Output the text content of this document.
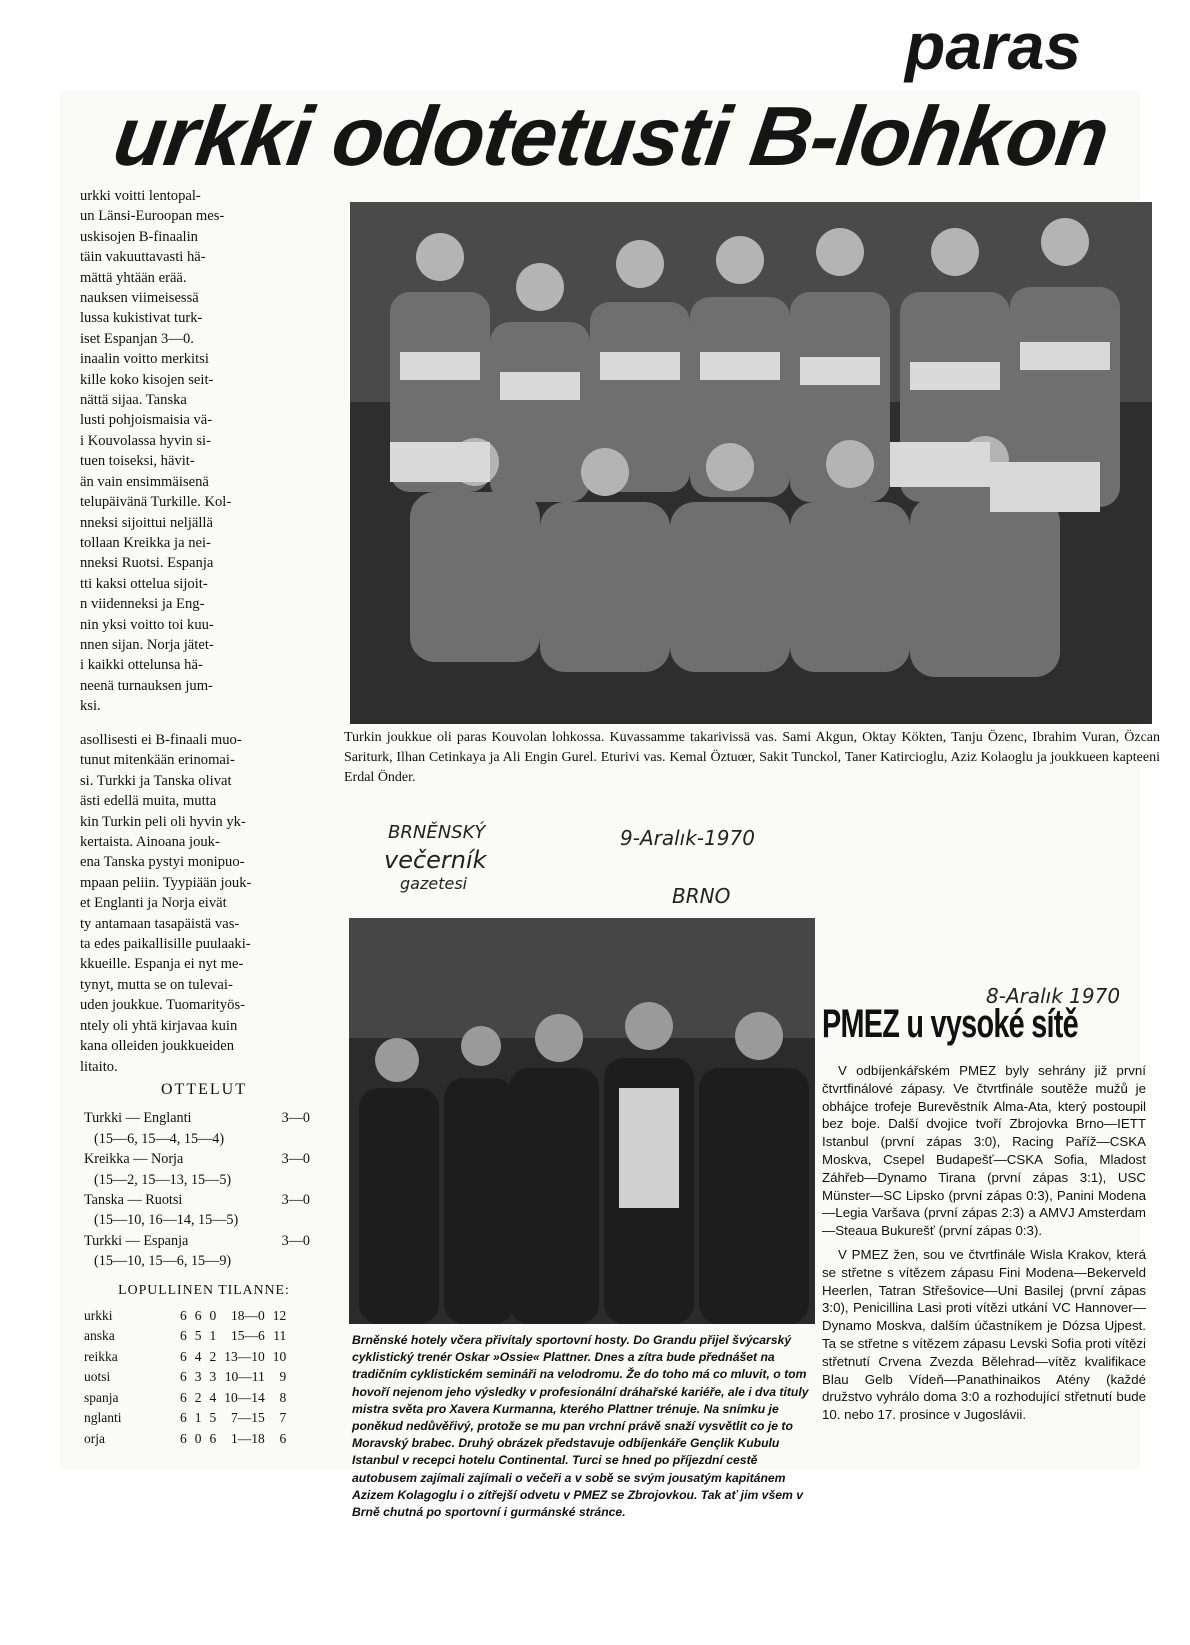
paras
urkki odotetusti B-lohkon

urkki voitti lentopal-

un Länsi-Euroopan mes-

uskisojen B-finaalin

täin vakuuttavasti hä-

mättä yhtään erää.

nauksen viimeisessä

lussa kukistivat turk-

iset Espanjan 3—0.

inaalin voitto merkitsi

kille koko kisojen seit-

nättä sijaa. Tanska

lusti pohjoismaisia vä-

i Kouvolassa hyvin si-

tuen toiseksi, hävit-

än vain ensimmäisenä

telupäivänä Turkille. Kol-

nneksi sijoittui neljällä

tollaan Kreikka ja nei-

nneksi Ruotsi. Espanja

tti kaksi ottelua sijoit-

n viidenneksi ja Eng-

nin yksi voitto toi kuu-

nnen sijan. Norja jätet-

i kaikki ottelunsa hä-

neenä turnauksen jum-

ksi.

asollisesti ei B-finaali muo-

tunut mitenkään erinomai-

si. Turkki ja Tanska olivat

ästi edellä muita, mutta

kin Turkin peli oli hyvin yk-

kertaista. Ainoana jouk-

ena Tanska pystyi monipuo-

mpaan peliin. Tyypiään jouk-

et Englanti ja Norja eivät

ty antamaan tasapäistä vas-

ta edes paikallisille puulaaki-

kkueille. Espanja ei nyt me-

tynyt, mutta se on tulevai-

uden joukkue. Tuomarityös-

ntely oli yhtä kirjavaa kuin

kana olleiden joukkueiden

litaito.

OTTELUT
Turkki — Englanti	3—0
(15—6, 15—4, 15—4)
Kreikka — Norja	3—0
(15—2, 15—13, 15—5)
Tanska — Ruotsi	3—0
(15—10, 16—14, 15—5)
Turkki — Espanja	3—0
(15—10, 15—6, 15—9)
LOPULLINEN TILANNE:
urkki	6	6	0	18—0	12
anska	6	5	1	15—6	11
reikka	6	4	2	13—10	10
uotsi	6	3	3	10—11	9
spanja	6	2	4	10—14	8
nglanti	6	1	5	7—15	7
orja	6	0	6	1—18	6
Turkin joukkue oli paras Kouvolan lohkossa. Kuvassamme takarivissä vas. Sami Akgun, Oktay Kökten, Tanju Özenc, Ibrahim Vuran, Özcan Sariturk, Ilhan Cetinkaya ja Ali Engin Gurel. Eturivi vas. Kemal Öztuœr, Sakit Tunckol, Taner Katircioglu, Aziz Kolaoglu ja joukkueen kapteeni Erdal Önder.
BRNĚNSKÝ
večerník
gazetesi
9-Aralık-1970
BRNO
8-Aralık 1970
Brněnské hotely včera přivítaly sportovní hosty. Do Grandu přijel švýcarský cyklistický trenér Oskar »Ossie« Plattner. Dnes a zítra bude přednášet na tradičním cyklistickém semináři na velodromu. Že do toho má co mluvit, o tom hovoří nejenom jeho výsledky v profesionální dráhařské kariéře, ale i dva tituly mistra světa pro Xavera Kurmanna, kterého Plattner trénuje. Na snímku je poněkud nedůvěřivý, protože se mu pan vrchní právě snaží vysvětlit co je to Moravský brabec. Druhý obrázek představuje odbíjenkáře Gençlik Kubulu Istanbul v recepci hotelu Continental. Turci se hned po příjezdní cestě autobusem zajímali zajímali o večeři a v sobě se svým jousatým kapitánem Azizem Kolagoglu i o zítřejší odvetu v PMEZ se Zbrojovkou. Tak ať jim všem v Brně chutná po sportovní i gurmánské stránce.
PMEZ u vysoké sítě

V odbíjenkářském PMEZ byly sehrány již první čtvrtfinálové zápasy. Ve čtvrtfinále soutěže mužů je obhájce trofeje Burevěstník Alma-Ata, který postoupil bez boje. Další dvojice tvoří Zbrojovka Brno—IETT Istanbul (první zápas 3:0), Racing Paříž—CSKA Moskva, Csepel Budapešť—CSKA Sofia, Mladost Záhřeb—Dynamo Tirana (první zápas 3:1), USC Münster—SC Lipsko (první zápas 0:3), Panini Modena—Legia Varšava (první zápas 2:3) a AMVJ Amsterdam—Steaua Bukurešť (první zápas 0:3).

V PMEZ žen, sou ve čtvrtfinále Wisla Krakov, která se střetne s vítězem zápasu Fini Modena—Bekerveld Heerlen, Tatran Střešovice—Uni Basilej (první zápas 3:0), Penicillina Lasi proti vítězi utkání VC Hannover—Dynamo Moskva, dalším účastníkem je Dózsa Ujpest. Ta se střetne s vítězem zápasu Levski Sofia proti vítězi střetnutí Crvena Zvezda Bělehrad—vítěz kvalifikace Blau Gelb Vídeň—Panathinaikos Atény (každé družstvo vyhrálo doma 3:0 a rozhodující střetnutí bude 10. nebo 17. prosince v Jugoslávii.
